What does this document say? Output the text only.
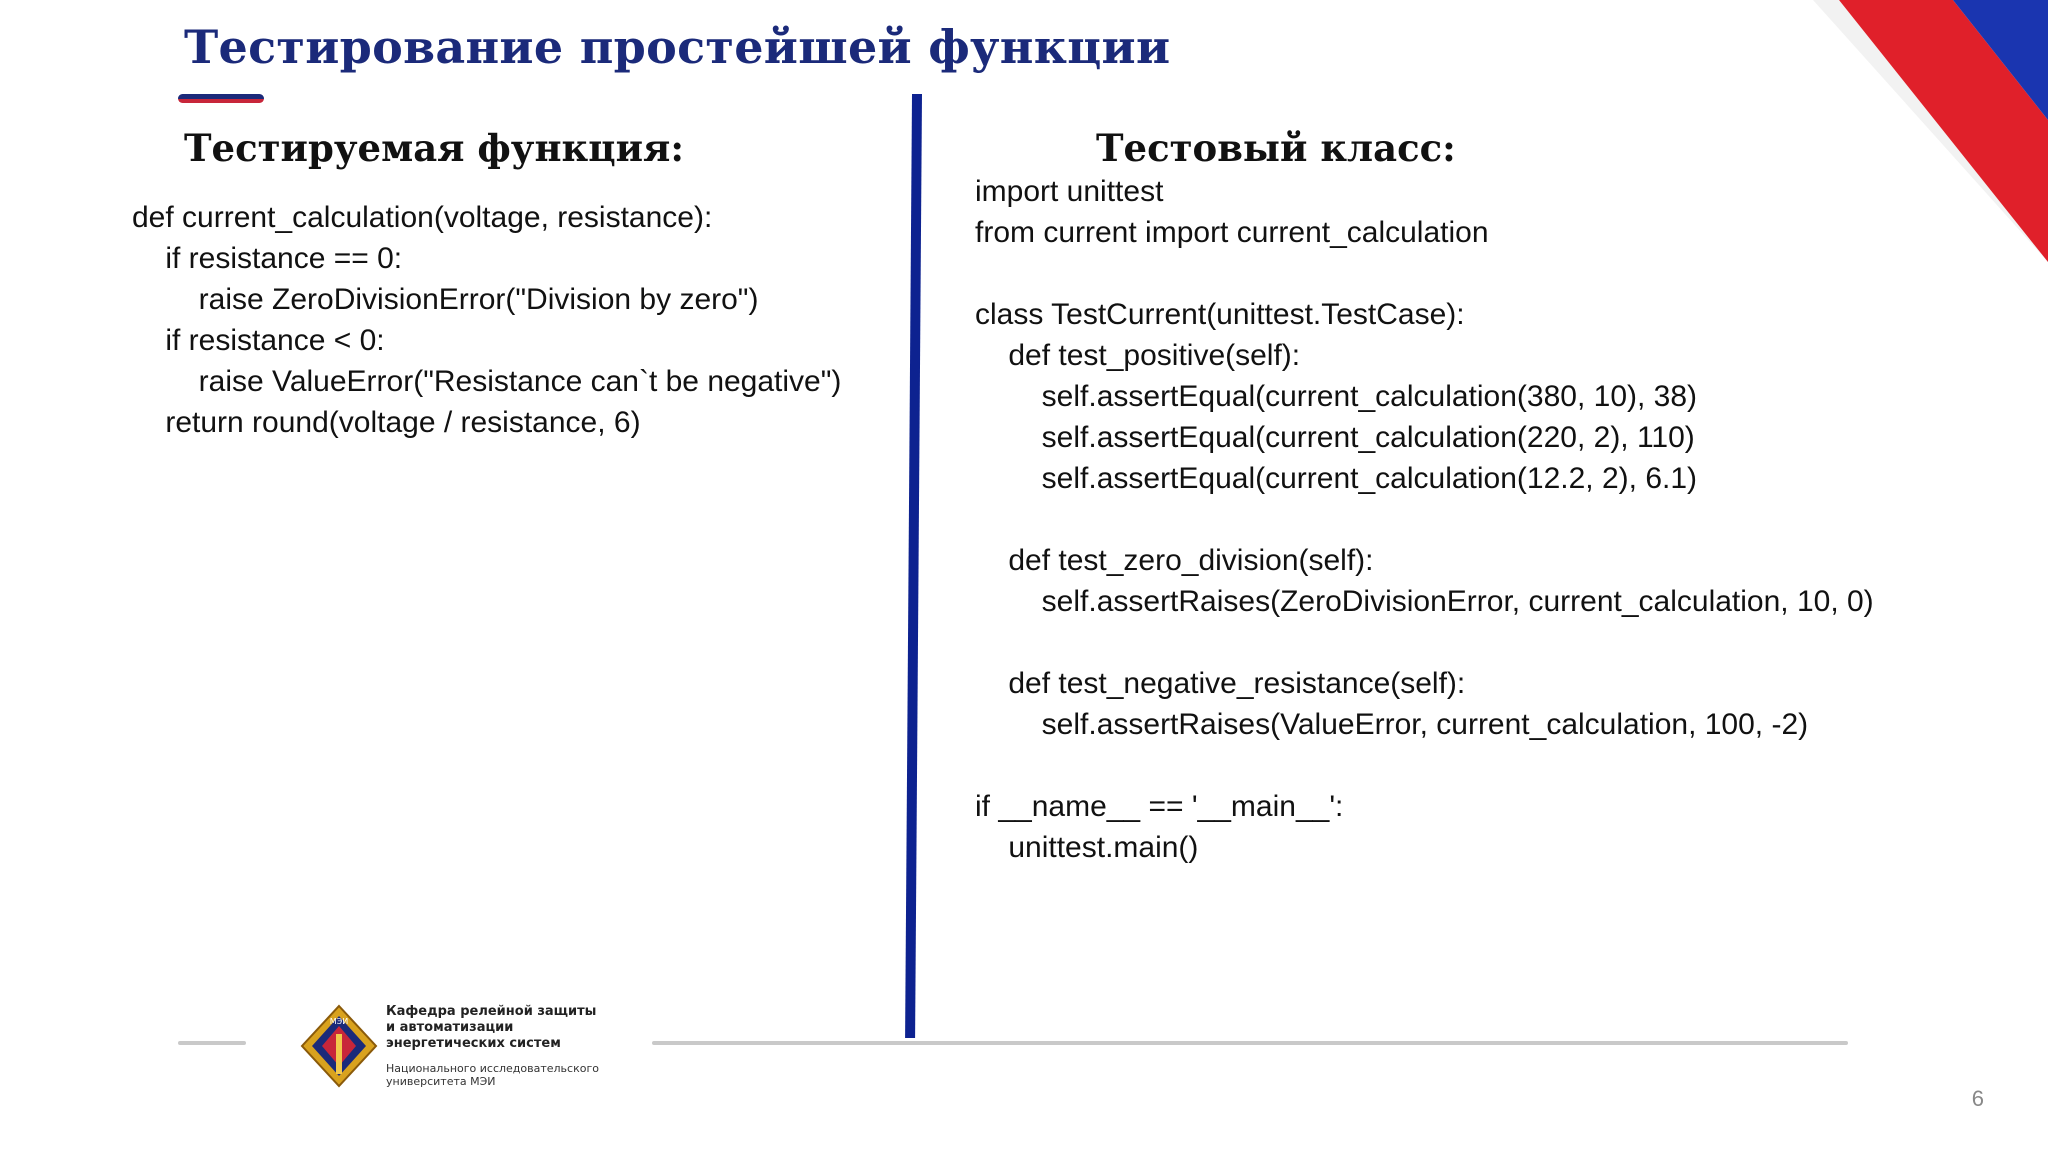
Тестирование простейшей функции
Тестируемая функция:
def current_calculation(voltage, resistance):
if resistance == 0:
raise ZeroDivisionError("Division by zero")
if resistance < 0:
raise ValueError("Resistance can`t be negative")
return round(voltage / resistance, 6)
Тестовый класс:
import unittest
from current import current_calculation

class TestCurrent(unittest.TestCase):
def test_positive(self):
self.assertEqual(current_calculation(380, 10), 38)
self.assertEqual(current_calculation(220, 2), 110)
self.assertEqual(current_calculation(12.2, 2), 6.1)

def test_zero_division(self):
self.assertRaises(ZeroDivisionError, current_calculation, 10, 0)

def test_negative_resistance(self):
self.assertRaises(ValueError, current_calculation, 100, -2)

if __name__ == '__main__':
unittest.main()
МЭИ
Кафедра релейной защиты
и автоматизации
энергетических систем
Национального исследовательского
университета МЭИ
6
